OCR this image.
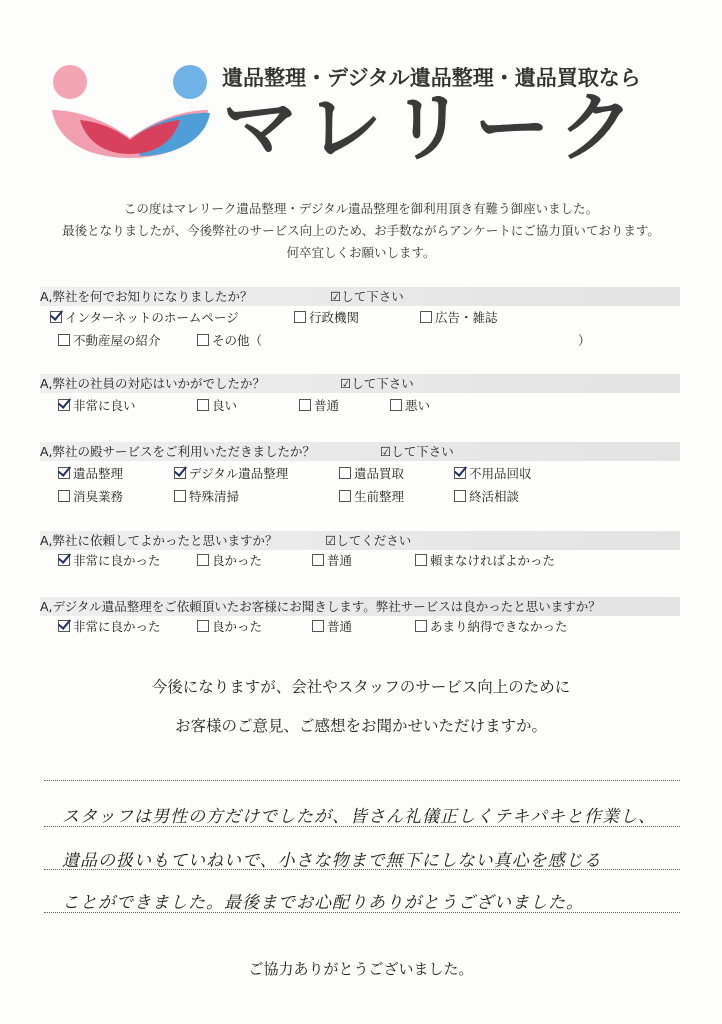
遺品整理・デジタル遺品整理・遺品買取なら
マレリーク
この度はマレリーク遺品整理・デジタル遺品整理を御利用頂き有難う御座いました。
最後となりましたが、今後弊社のサービス向上のため、お手数ながらアンケートにご協力頂いております。
何卒宜しくお願いします。
A,弊社を何でお知りになりましたか？	☑して下さい
インターネットのホームページ	行政機関	広告・雑誌
不動産屋の紹介	その他（	）
A,弊社の社員の対応はいかがでしたか？	☑して下さい
非常に良い	良い	普通	悪い
A,弊社の殿サービスをご利用いただきましたか？	☑して下さい
遺品整理	デジタル遺品整理	遺品買取	不用品回収
消臭業務	特殊清掃	生前整理	終活相談
A,弊社に依頼してよかったと思いますか？	☑してください
非常に良かった	良かった	普通	頼まなければよかった
A,デジタル遺品整理をご依頼頂いたお客様にお聞きします。弊社サービスは良かったと思いますか？
非常に良かった	良かった	普通	あまり納得できなかった
今後になりますが、会社やスタッフのサービス向上のために
お客様のご意見、ご感想をお聞かせいただけますか。
スタッフは男性の方だけでしたが、皆さん礼儀正しくテキパキと作業し、
遺品の扱いもていねいで、小さな物まで無下にしない真心を感じる
ことができました。最後までお心配りありがとうございました。
ご協力ありがとうございました。
